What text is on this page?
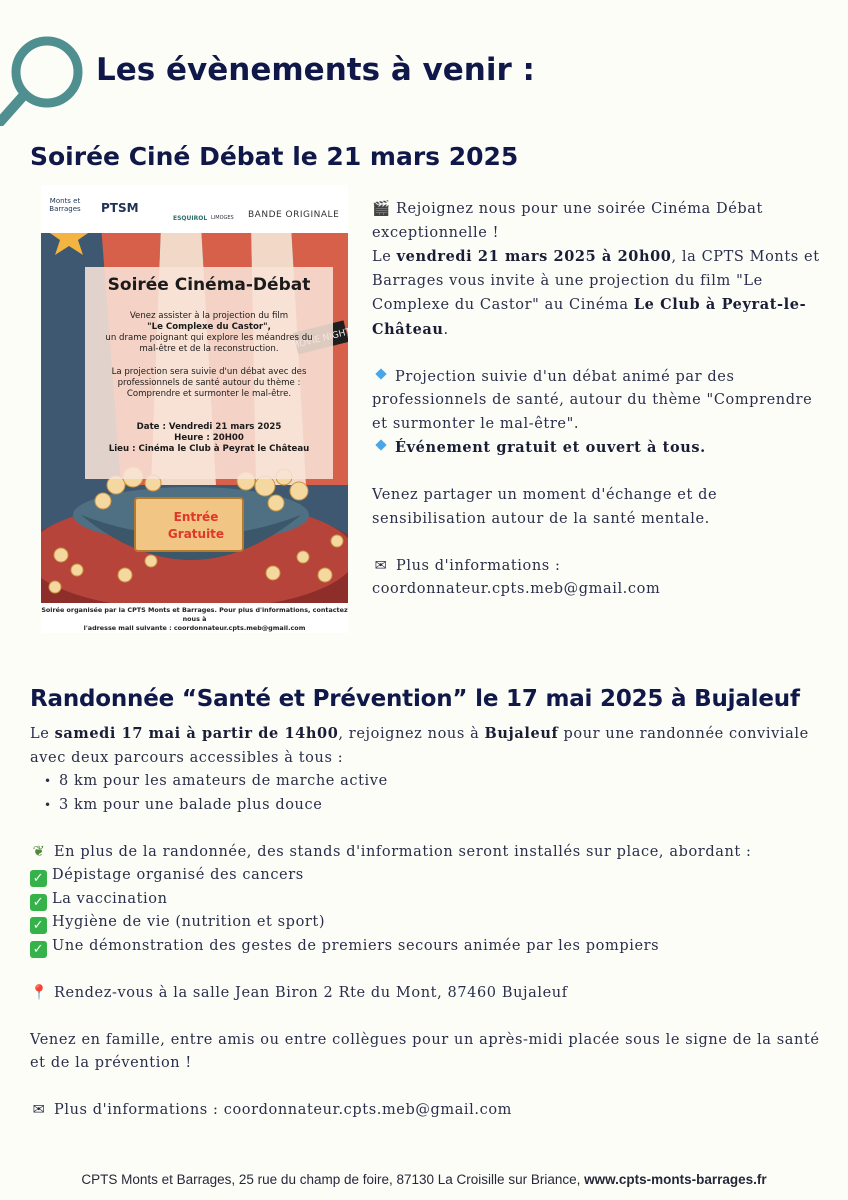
Les évènements à venir :
Soirée Ciné Débat le 21 mars 2025
NIGHT
Monts et Barrages PTSM
ESQUIROL LIMOGES BANDE ORIGINALE
Soirée Cinéma-Débat
Venez assister à la projection du film
"Le Complexe du Castor",
un drame poignant qui explore les méandres du
mal-être et de la reconstruction.
La projection sera suivie d'un débat avec des
professionnels de santé autour du thème :
Comprendre et surmonter le mal-être.
Date : Vendredi 21 mars 2025
Heure : 20H00
Lieu : Cinéma le Club à Peyrat le Château
Entrée
Gratuite
Soirée organisée par la CPTS Monts et Barrages. Pour plus d'informations, contactez nous à
l'adresse mail suivante : coordonnateur.cpts.meb@gmail.com
🎬 Rejoignez nous pour une soirée Cinéma Débat exceptionnelle !
Le vendredi 21 mars 2025 à 20h00, la CPTS Monts et Barrages vous invite à une projection du film "Le Complexe du Castor" au Cinéma Le Club à Peyrat-le-Château.
Projection suivie d'un débat animé par des professionnels de santé, autour du thème "Comprendre et surmonter le mal-être".
Événement gratuit et ouvert à tous.
Venez partager un moment d'échange et de sensibilisation autour de la santé mentale.
✉ Plus d'informations :
coordonnateur.cpts.meb@gmail.com
Randonnée “Santé et Prévention” le 17 mai 2025 à Bujaleuf
Le samedi 17 mai à partir de 14h00, rejoignez nous à Bujaleuf pour une randonnée conviviale avec deux parcours accessibles à tous :
• 8 km pour les amateurs de marche active
• 3 km pour une balade plus douce
❦ En plus de la randonnée, des stands d'information seront installés sur place, abordant :
✓ Dépistage organisé des cancers
✓ La vaccination
✓ Hygiène de vie (nutrition et sport)
✓ Une démonstration des gestes de premiers secours animée par les pompiers
📍 Rendez-vous à la salle Jean Biron 2 Rte du Mont, 87460 Bujaleuf
Venez en famille, entre amis ou entre collègues pour un après-midi placée sous le signe de la santé et de la prévention !
✉ Plus d'informations : coordonnateur.cpts.meb@gmail.com
CPTS Monts et Barrages, 25 rue du champ de foire, 87130 La Croisille sur Briance, www.cpts-monts-barrages.fr
